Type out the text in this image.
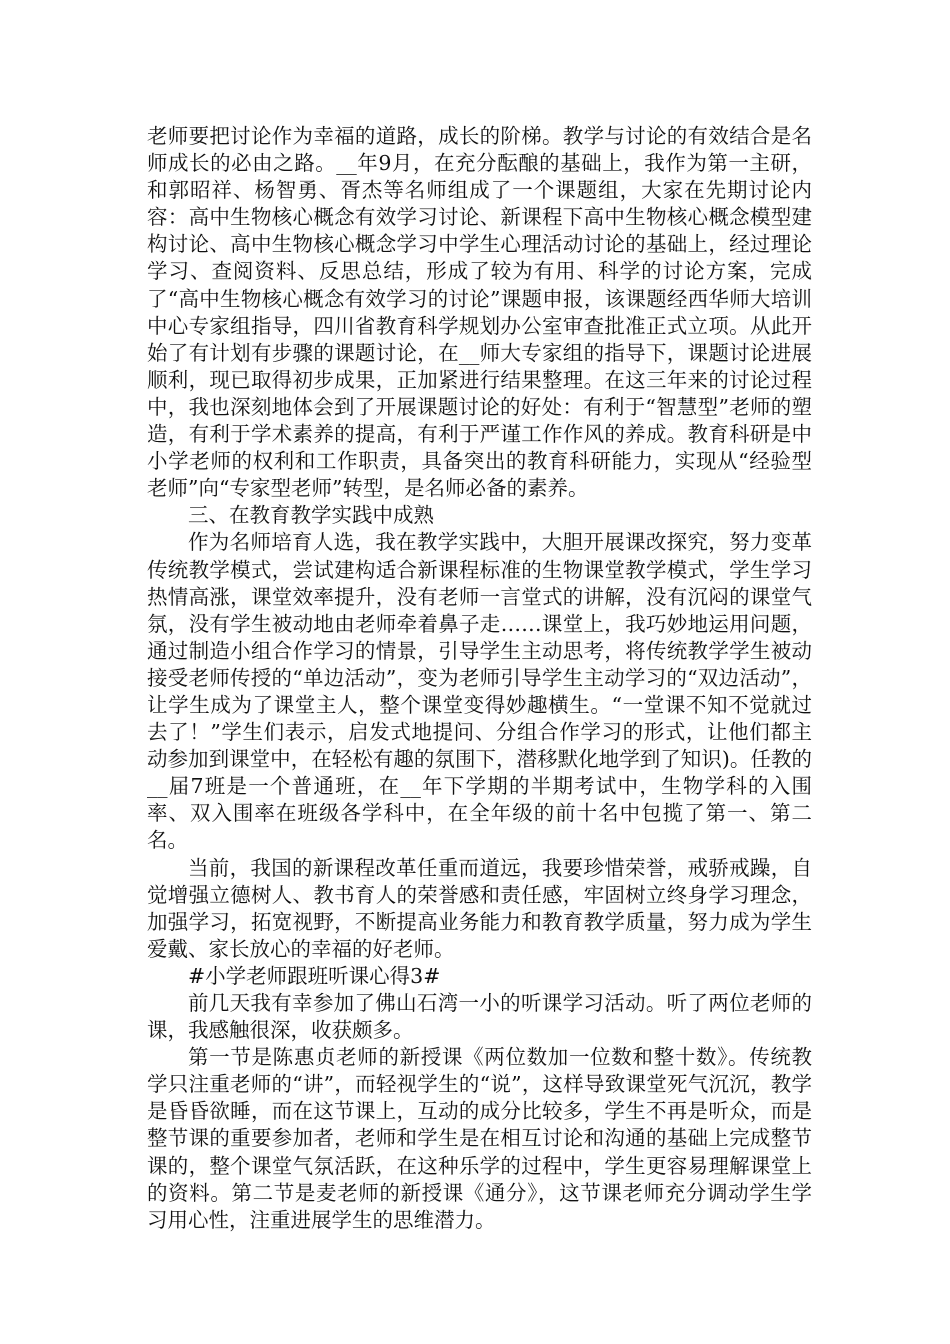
老师要把讨论作为幸福的道路，成长的阶梯。教学与讨论的有效结合是名师成长的必由之路。__年9月，在充分酝酿的基础上，我作为第一主研，和郭昭祥、杨智勇、胥杰等名师组成了一个课题组，大家在先期讨论内容：高中生物核心概念有效学习讨论、新课程下高中生物核心概念模型建构讨论、高中生物核心概念学习中学生心理活动讨论的基础上，经过理论学习、查阅资料、反思总结，形成了较为有用、科学的讨论方案，完成了“高中生物核心概念有效学习的讨论”课题申报，该课题经西华师大培训中心专家组指导，四川省教育科学规划办公室审查批准正式立项。从此开始了有计划有步骤的课题讨论，在__师大专家组的指导下，课题讨论进展顺利，现已取得初步成果，正加紧进行结果整理。在这三年来的讨论过程中，我也深刻地体会到了开展课题讨论的好处：有利于“智慧型”老师的塑造，有利于学术素养的提高，有利于严谨工作作风的养成。教育科研是中小学老师的权利和工作职责，具备突出的教育科研能力，实现从“经验型老师”向“专家型老师”转型，是名师必备的素养。

三、在教育教学实践中成熟

作为名师培育人选，我在教学实践中，大胆开展课改探究，努力变革传统教学模式，尝试建构适合新课程标准的生物课堂教学模式，学生学习热情高涨，课堂效率提升，没有老师一言堂式的讲解，没有沉闷的课堂气氛，没有学生被动地由老师牵着鼻子走……课堂上，我巧妙地运用问题，通过制造小组合作学习的情景，引导学生主动思考，将传统教学学生被动接受老师传授的“单边活动”，变为老师引导学生主动学习的“双边活动”，让学生成为了课堂主人，整个课堂变得妙趣横生。“一堂课不知不觉就过去了！”学生们表示，启发式地提问、分组合作学习的形式，让他们都主动参加到课堂中，在轻松有趣的氛围下，潜移默化地学到了知识)。任教的__届7班是一个普通班，在__年下学期的半期考试中，生物学科的入围率、双入围率在班级各学科中，在全年级的前十名中包揽了第一、第二名。

当前，我国的新课程改革任重而道远，我要珍惜荣誉，戒骄戒躁，自觉增强立德树人、教书育人的荣誉感和责任感，牢固树立终身学习理念，加强学习，拓宽视野，不断提高业务能力和教育教学质量，努力成为学生爱戴、家长放心的幸福的好老师。

#小学老师跟班听课心得3#

前几天我有幸参加了佛山石湾一小的听课学习活动。听了两位老师的课，我感触很深，收获颇多。

第一节是陈惠贞老师的新授课《两位数加一位数和整十数》。传统教学只注重老师的“讲”，而轻视学生的“说”，这样导致课堂死气沉沉，教学是昏昏欲睡，而在这节课上，互动的成分比较多，学生不再是听众，而是整节课的重要参加者，老师和学生是在相互讨论和沟通的基础上完成整节课的，整个课堂气氛活跃，在这种乐学的过程中，学生更容易理解课堂上的资料。第二节是麦老师的新授课《通分》，这节课老师充分调动学生学习用心性，注重进展学生的思维潜力。
